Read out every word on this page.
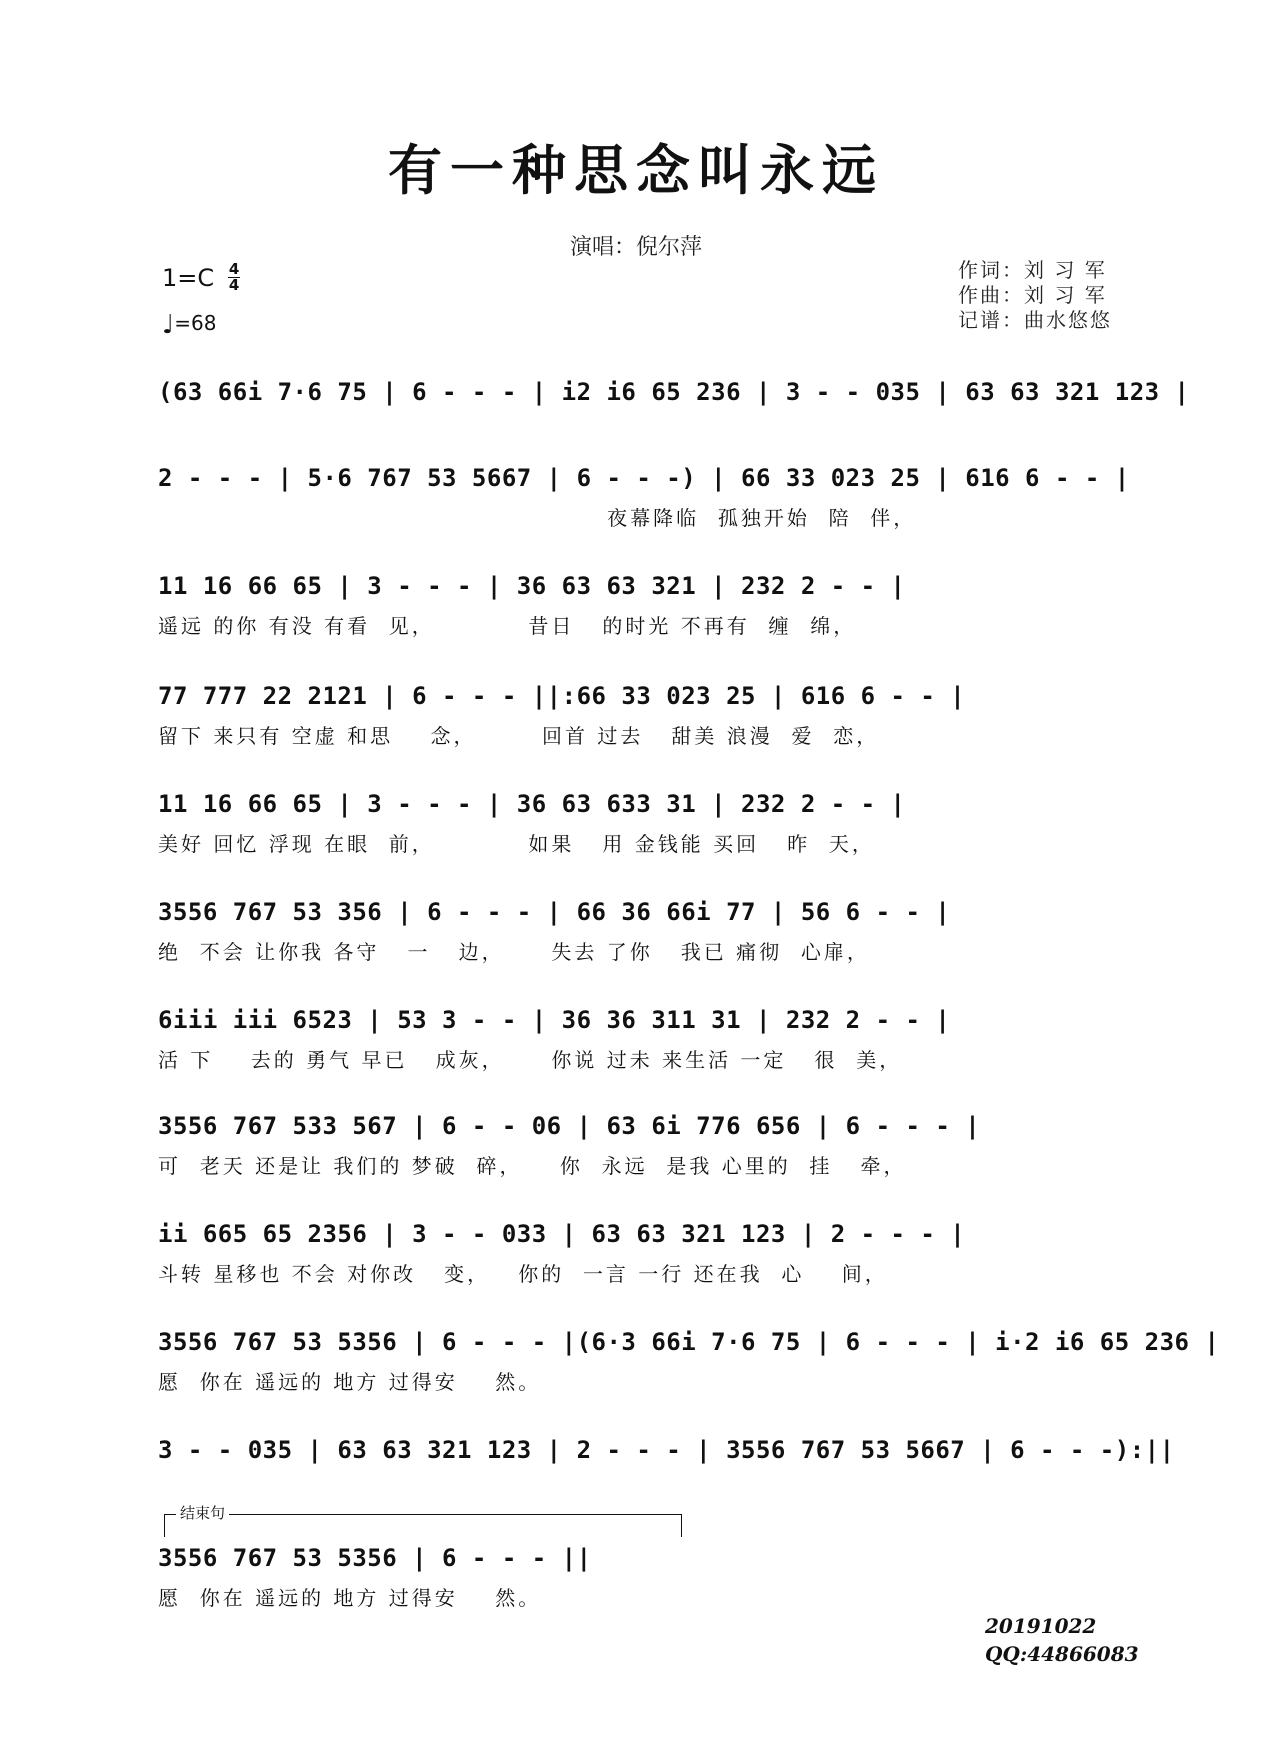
有一种思念叫永远
演唱：倪尔萍
1=C 4
4
♩=68
作词：刘 习 军
作曲：刘 习 军
记谱：曲水悠悠
(63 66i 7·6 75 | 6 - - - | i2 i6 65 236 | 3 - - 035 | 63 63 321 123 |
2 - - - | 5·6 767 53 5667 | 6 - - -) | 66 33 023 25 | 616 6 - - |
夜幕降临  孤独开始  陪  伴，
11 16 66 65 | 3 - - - | 36 63 63 321 | 232 2 - - |
遥远 的你 有没 有看  见，          昔日   的时光 不再有  缠  绵，
77 777 22 2121 | 6 - - - ||:66 33 023 25 | 616 6 - - |
留下 来只有 空虚 和思    念，       回首 过去   甜美 浪漫  爱  恋，
11 16 66 65 | 3 - - - | 36 63 633 31 | 232 2 - - |
美好 回忆 浮现 在眼  前，          如果   用 金钱能 买回   昨  天，
3556 767 53 356 | 6 - - - | 66 36 66i 77 | 56 6 - - |
绝  不会 让你我 各守   一   边，     失去 了你   我已 痛彻  心扉，
6iii iii 6523 | 53 3 - - | 36 36 311 31 | 232 2 - - |
活 下    去的 勇气 早已   成灰，     你说 过未 来生活 一定   很  美，
3556 767 533 567 | 6 - - 06 | 63 6i 776 656 | 6 - - - |
可  老天 还是让 我们的 梦破  碎，    你  永远  是我 心里的  挂   牵，
ii 665 65 2356 | 3 - - 033 | 63 63 321 123 | 2 - - - |
斗转 星移也 不会 对你改   变，   你的  一言 一行 还在我  心    间，
3556 767 53 5356 | 6 - - - |(6·3 66i 7·6 75 | 6 - - - | i·2 i6 65 236 |
愿  你在 遥远的 地方 过得安    然。
3 - - 035 | 63 63 321 123 | 2 - - - | 3556 767 53 5667 | 6 - - -):||
结束句
3556 767 53 5356 | 6 - - - ||
愿  你在 遥远的 地方 过得安    然。
20191022
QQ:44866083
